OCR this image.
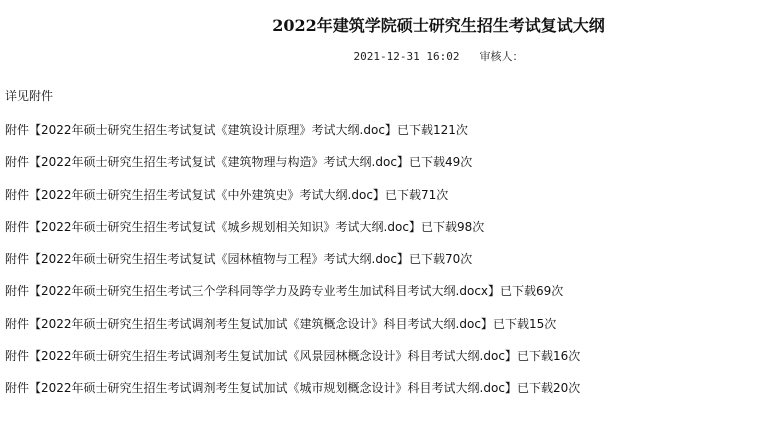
2022年建筑学院硕士研究生招生考试复试大纲
2021-12-31 16:02 审核人：
详见附件
附件【2022年硕士研究生招生考试复试《建筑设计原理》考试大纲.doc】已下载121次
附件【2022年硕士研究生招生考试复试《建筑物理与构造》考试大纲.doc】已下载49次
附件【2022年硕士研究生招生考试复试《中外建筑史》考试大纲.doc】已下载71次
附件【2022年硕士研究生招生考试复试《城乡规划相关知识》考试大纲.doc】已下载98次
附件【2022年硕士研究生招生考试复试《园林植物与工程》考试大纲.doc】已下载70次
附件【2022年硕士研究生招生考试三个学科同等学力及跨专业考生加试科目考试大纲.docx】已下载69次
附件【2022年硕士研究生招生考试调剂考生复试加试《建筑概念设计》科目考试大纲.doc】已下载15次
附件【2022年硕士研究生招生考试调剂考生复试加试《风景园林概念设计》科目考试大纲.doc】已下载16次
附件【2022年硕士研究生招生考试调剂考生复试加试《城市规划概念设计》科目考试大纲.doc】已下载20次
